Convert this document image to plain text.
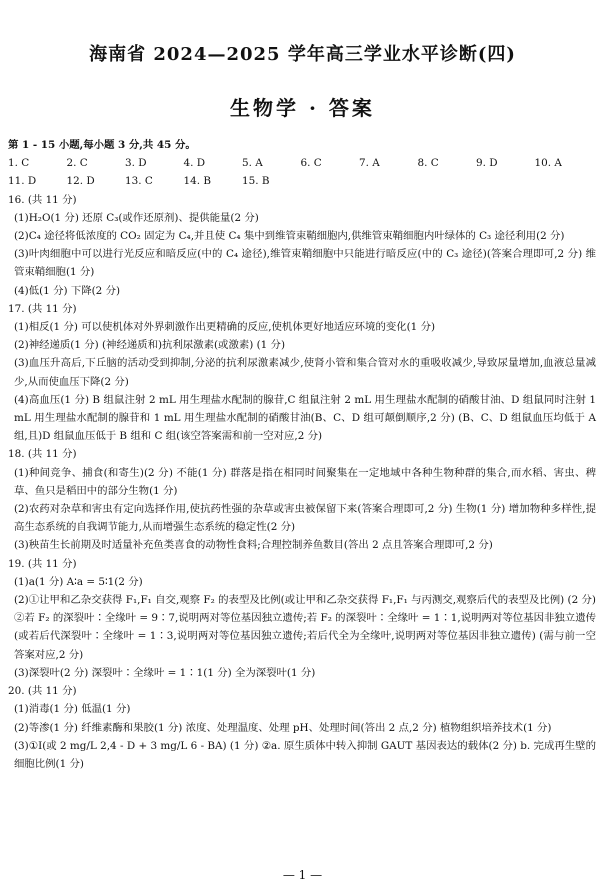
海南省 2024—2025 学年高三学业水平诊断(四)
生物学 · 答案
第 1 - 15 小题,每小题 3 分,共 45 分。
1. C	2. C	3. D	4. D	5. A	6. C	7. A	8. C	9. D	10. A
11. D	12. D	13. C	14. B	15. B
16. (共 11 分)
(1)H₂O(1 分) 还原 C₃(或作还原剂)、提供能量(2 分)
(2)C₄ 途径将低浓度的 CO₂ 固定为 C₄,并且使 C₄ 集中到维管束鞘细胞内,供维管束鞘细胞内叶绿体的 C₃ 途径利用(2 分)
(3)叶肉细胞中可以进行光反应和暗反应(中的 C₄ 途径),维管束鞘细胞中只能进行暗反应(中的 C₃ 途径)(答案合理即可,2 分) 维管束鞘细胞(1 分)
(4)低(1 分) 下降(2 分)
17. (共 11 分)
(1)相反(1 分) 可以使机体对外界刺激作出更精确的反应,使机体更好地适应环境的变化(1 分)
(2)神经递质(1 分) (神经递质和)抗利尿激素(或激素) (1 分)
(3)血压升高后,下丘脑的活动受到抑制,分泌的抗利尿激素减少,使肾小管和集合管对水的重吸收减少,导致尿量增加,血液总量减少,从而使血压下降(2 分)
(4)高血压(1 分) B 组鼠注射 2 mL 用生理盐水配制的腺苷,C 组鼠注射 2 mL 用生理盐水配制的硝酸甘油、D 组鼠同时注射 1 mL 用生理盐水配制的腺苷和 1 mL 用生理盐水配制的硝酸甘油(B、C、D 组可颠倒顺序,2 分) (B、C、D 组鼠血压均低于 A 组,且)D 组鼠血压低于 B 组和 C 组(该空答案需和前一空对应,2 分)
18. (共 11 分)
(1)种间竞争、捕食(和寄生)(2 分) 不能(1 分) 群落是指在相同时间聚集在一定地域中各种生物种群的集合,而水稻、害虫、稗草、鱼只是稻田中的部分生物(1 分)
(2)农药对杂草和害虫有定向选择作用,使抗药性强的杂草或害虫被保留下来(答案合理即可,2 分) 生物(1 分) 增加物种多样性,提高生态系统的自我调节能力,从而增强生态系统的稳定性(2 分)
(3)秧苗生长前期及时适量补充鱼类喜食的动物性食料;合理控制养鱼数目(答出 2 点且答案合理即可,2 分)
19. (共 11 分)
(1)a(1 分) A∶a = 5∶1(2 分)
(2)①让甲和乙杂交获得 F₁,F₁ 自交,观察 F₂ 的表型及比例(或让甲和乙杂交获得 F₁,F₁ 与丙测交,观察后代的表型及比例) (2 分) ②若 F₂ 的深裂叶∶全缘叶 = 9∶7,说明两对等位基因独立遗传;若 F₂ 的深裂叶∶全缘叶 = 1∶1,说明两对等位基因非独立遗传(或若后代深裂叶∶全缘叶 = 1∶3,说明两对等位基因独立遗传;若后代全为全缘叶,说明两对等位基因非独立遗传) (需与前一空答案对应,2 分)
(3)深裂叶(2 分) 深裂叶∶全缘叶 = 1∶1(1 分) 全为深裂叶(1 分)
20. (共 11 分)
(1)消毒(1 分) 低温(1 分)
(2)等渗(1 分) 纤维素酶和果胶(1 分) 浓度、处理温度、处理 pH、处理时间(答出 2 点,2 分) 植物组织培养技术(1 分)
(3)①Ⅰ(或 2 mg/L 2,4 - D + 3 mg/L 6 - BA) (1 分) ②a. 原生质体中转入抑制 GAUT 基因表达的载体(2 分) b. 完成再生壁的细胞比例(1 分)
— 1 —
